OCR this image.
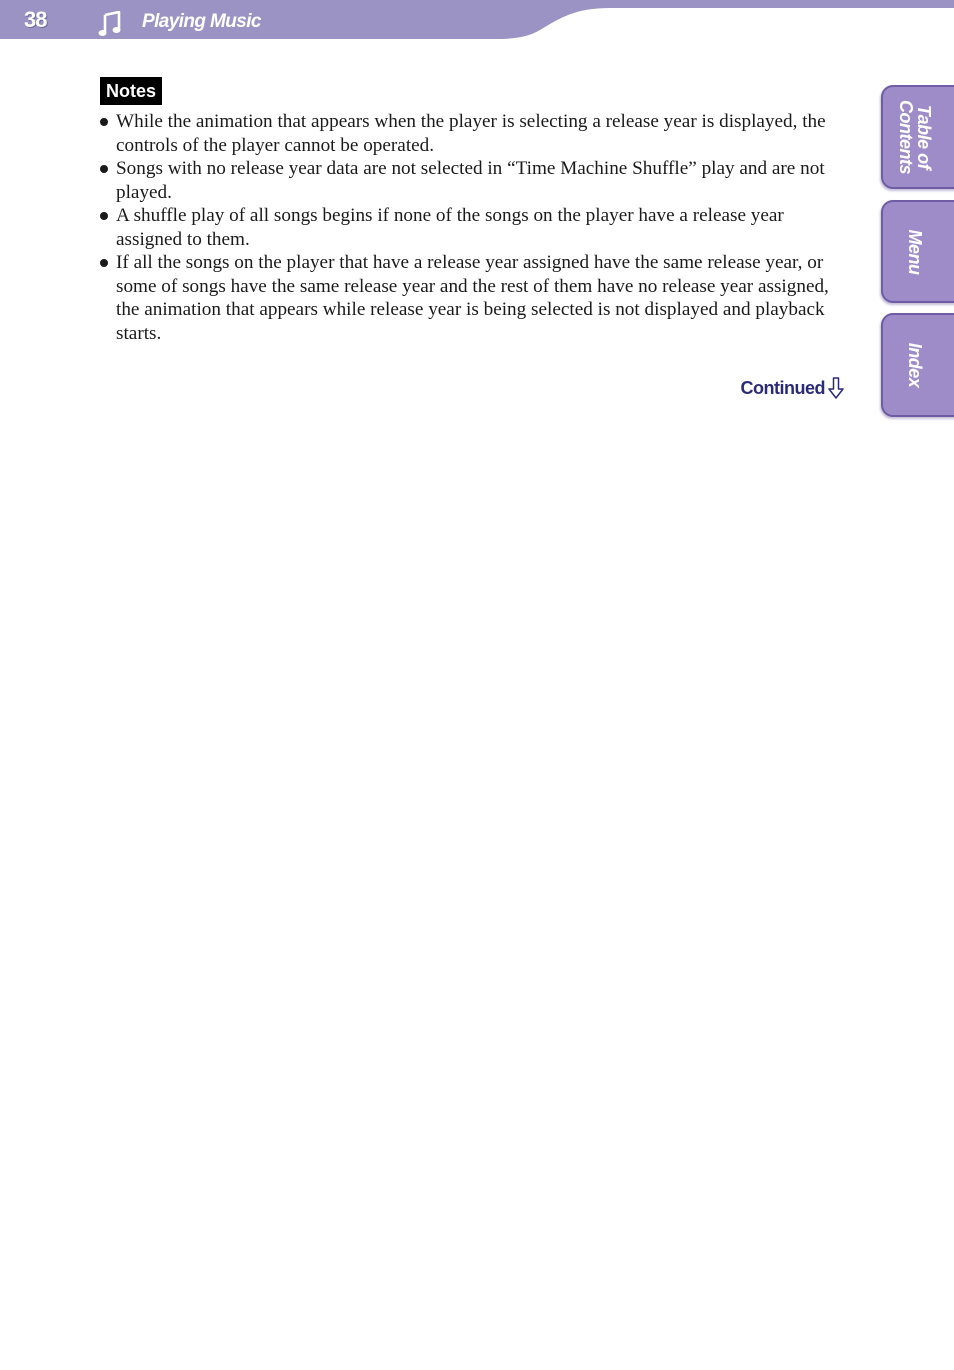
38	Playing Music
Table of
Contents
Menu
Index
Notes
While the animation that appears when the player is selecting a release year is displayed, the controls of the player cannot be operated.
Songs with no release year data are not selected in “Time Machine Shuffle” play and are not played.
A shuffle play of all songs begins if none of the songs on the player have a release year assigned to them.
If all the songs on the player that have a release year assigned have the same release year, or some of songs have the same release year and the rest of them have no release year assigned, the animation that appears while release year is being selected is not displayed and playback starts.
Continued
